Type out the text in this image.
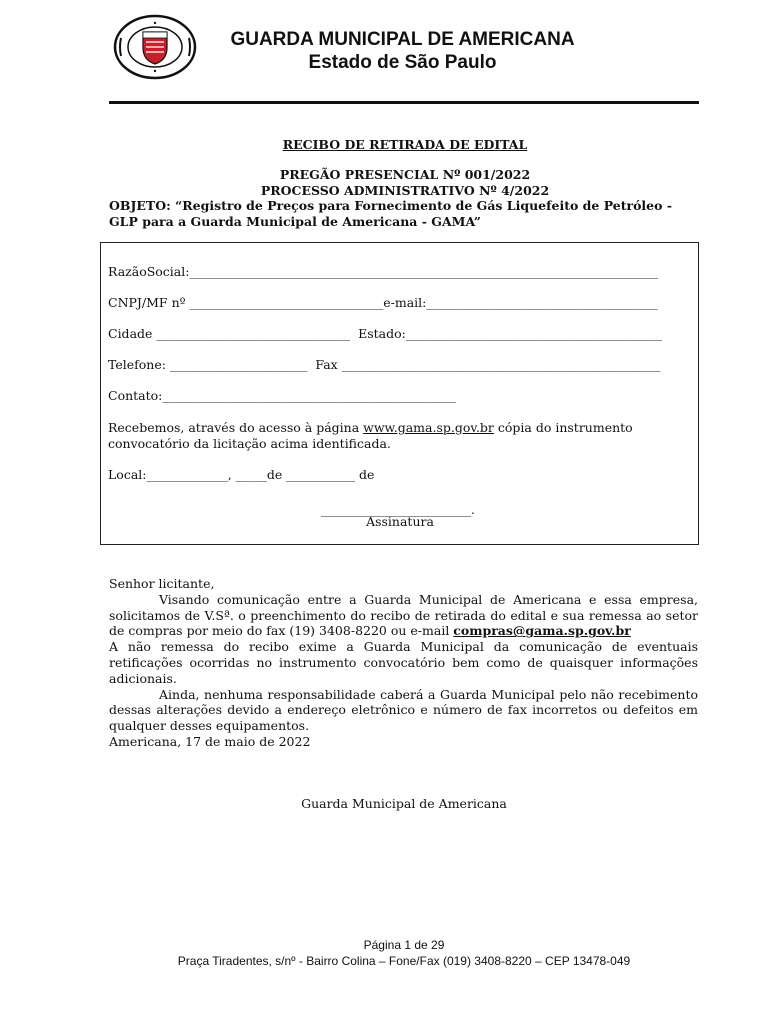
GUARDA MUNICIPAL DE AMERICANA
Estado de São Paulo
RECIBO DE RETIRADA DE EDITAL
PREGÃO PRESENCIAL Nº 001/2022
PROCESSO ADMINISTRATIVO Nº 4/2022
OBJETO: “Registro de Preços para Fornecimento de Gás Liquefeito de Petróleo - GLP para a Guarda Municipal de Americana - GAMA”
RazãoSocial:___________________________________________________________________________
CNPJ/MF nº _______________________________e-mail:_____________________________________
Cidade _______________________________  Estado:_________________________________________
Telefone: ______________________  Fax ___________________________________________________
Contato:_______________________________________________
Recebemos, através do acesso à página www.gama.sp.gov.br cópia do instrumento convocatório da licitação acima identificada.
Local:_____________, _____de ___________ de
_________________________.
Assinatura

Senhor licitante,

Visando comunicação entre a Guarda Municipal de Americana e essa empresa, solicitamos de V.Sª. o preenchimento do recibo de retirada do edital e sua remessa ao setor de compras por meio do fax (19) 3408-8220 ou e-mail compras@gama.sp.gov.br

A não remessa do recibo exime a Guarda Municipal da comunicação de eventuais retificações ocorridas no instrumento convocatório bem como de quaisquer informações adicionais.

Ainda, nenhuma responsabilidade caberá a Guarda Municipal pelo não recebimento dessas alterações devido a endereço eletrônico e número de fax incorretos ou defeitos em qualquer desses equipamentos.

Americana, 17 de maio de 2022
Guarda Municipal de Americana
Página 1 de 29
Praça Tiradentes, s/nº - Bairro Colina – Fone/Fax (019) 3408-8220 – CEP 13478-049
